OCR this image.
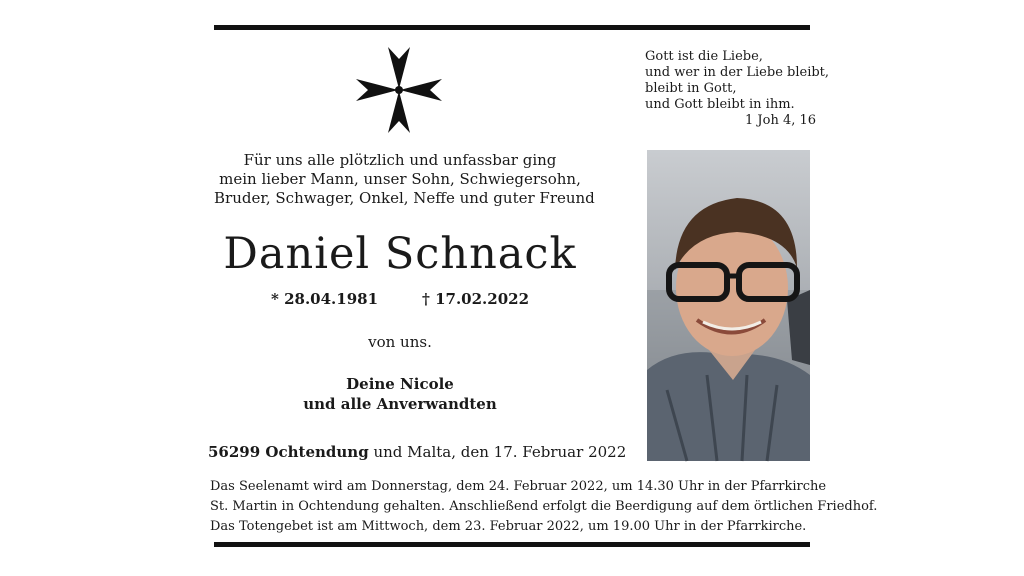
Gott ist die Liebe,
und wer in der Liebe bleibt,
bleibt in Gott,
und Gott bleibt in ihm.
1 Joh 4, 16
Für uns alle plötzlich und unfassbar ging
mein lieber Mann, unser Sohn, Schwiegersohn,
Bruder, Schwager, Onkel, Neffe und guter Freund
Daniel Schnack
* 28.04.1981	† 17.02.2022
von uns.
Deine Nicole
und alle Anverwandten
56299 Ochtendung und Malta, den 17. Februar 2022
Das Seelenamt wird am Donnerstag, dem 24. Februar 2022, um 14.30 Uhr in der Pfarrkirche
St. Martin in Ochtendung gehalten. Anschließend erfolgt die Beerdigung auf dem örtlichen Friedhof.
Das Totengebet ist am Mittwoch, dem 23. Februar 2022, um 19.00 Uhr in der Pfarrkirche.
